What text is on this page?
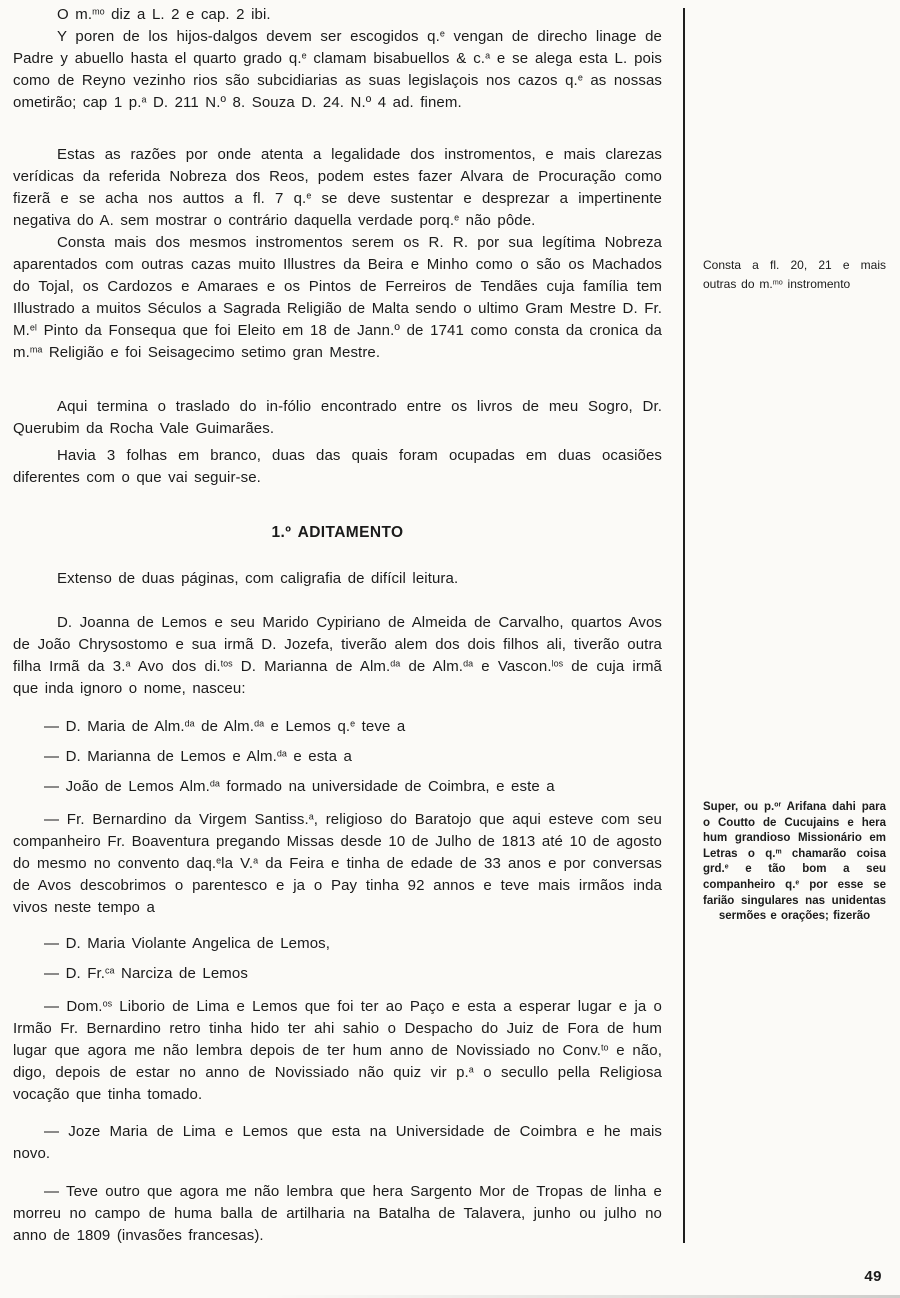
O m.$^{mo}$ diz a L. 2 e cap. 2 ibi.

Y poren de los hijos-dalgos devem ser escogidos q.$^e$ vengan de direcho linage de Padre y abuello hasta el quarto grado q.$^e$ clamam bisabuellos & c.$^a$ e se alega esta L. pois como de Reyno vezinho rios são subcidiarias as suas legislaçois nos cazos q.$^e$ as nossas ometirão; cap 1 p.$^a$ D. 211 N.º 8. Souza D. 24. N.º 4 ad. finem.

Estas as razões por onde atenta a legalidade dos instromentos, e mais clarezas verídicas da referida Nobreza dos Reos, podem estes fazer Alvara de Procuração como fizerã e se acha nos auttos a fl. 7 q.$^e$ se deve sustentar e desprezar a impertinente negativa do A. sem mostrar o contrário daquella verdade porq.$^e$ não pôde.

Consta mais dos mesmos instromentos serem os R. R. por sua legítima Nobreza aparentados com outras cazas muito Illustres da Beira e Minho como o são os Machados do Tojal, os Cardozos e Amaraes e os Pintos de Ferreiros de Tendães cuja família tem Illustrado a muitos Séculos a Sagrada Religião de Malta sendo o ultimo Gram Mestre D. Fr. M.$^{el}$ Pinto da Fonsequa que foi Eleito em 18 de Jann.º de 1741 como consta da cronica da m.$^{ma}$ Religião e foi Seisagecimo setimo gran Mestre.

Aqui termina o traslado do in-fólio encontrado entre os livros de meu Sogro, Dr. Querubim da Rocha Vale Guimarães.

Havia 3 folhas em branco, duas das quais foram ocupadas em duas ocasiões diferentes com o que vai seguir-se.

1.º ADITAMENTO

Extenso de duas páginas, com caligrafia de difícil leitura.

D. Joanna de Lemos e seu Marido Cypiriano de Almeida de Carvalho, quartos Avos de João Chrysostomo e sua irmã D. Jozefa, tiverão alem dos dois filhos ali, tiverão outra filha Irmã da 3.$^a$ Avo dos di.$^{tos}$ D. Marianna de Alm.$^{da}$ de Alm.$^{da}$ e Vascon.$^{los}$ de cuja irmã que inda ignoro o nome, nasceu:

— D. Maria de Alm.$^{da}$ de Alm.$^{da}$ e Lemos q.$^e$ teve a

— D. Marianna de Lemos e Alm.$^{da}$ e esta a

— João de Lemos Alm.$^{da}$ formado na universidade de Coimbra, e este a

— Fr. Bernardino da Virgem Santiss.$^a$, religioso do Baratojo que aqui esteve com seu companheiro Fr. Boaventura pregando Missas desde 10 de Julho de 1813 até 10 de agosto do mesmo no convento daq.$^e$la V.$^a$ da Feira e tinha de edade de 33 anos e por conversas de Avos descobrimos o parentesco e ja o Pay tinha 92 annos e teve mais irmãos inda vivos neste tempo a

— D. Maria Violante Angelica de Lemos,

— D. Fr.$^{ca}$ Narciza de Lemos

— Dom.$^{os}$ Liborio de Lima e Lemos que foi ter ao Paço e esta a esperar lugar e ja o Irmão Fr. Bernardino retro tinha hido ter ahi sahio o Despacho do Juiz de Fora de hum lugar que agora me não lembra depois de ter hum anno de Novissiado no Conv.$^{to}$ e não, digo, depois de estar no anno de Novissiado não quiz vir p.$^a$ o secullo pella Religiosa vocação que tinha tomado.

— Joze Maria de Lima e Lemos que esta na Universidade de Coimbra e he mais novo.

— Teve outro que agora me não lembra que hera Sargento Mor de Tropas de linha e morreu no campo de huma balla de artilharia na Batalha de Talavera, junho ou julho no anno de 1809 (invasões francesas).

Consta a fl. 20, 21 e mais outras do m.$^{mo}$ instromento
Super, ou p.$^{or}$ Arifana dahi para o Coutto de Cucujains e hera hum grandioso Missionário em Letras o q.$^m$ chamarão coisa grd.$^e$ e tão bom a seu companheiro q.$^e$ por esse se farião singulares nas unidentas sermões e orações; fizerão
49
